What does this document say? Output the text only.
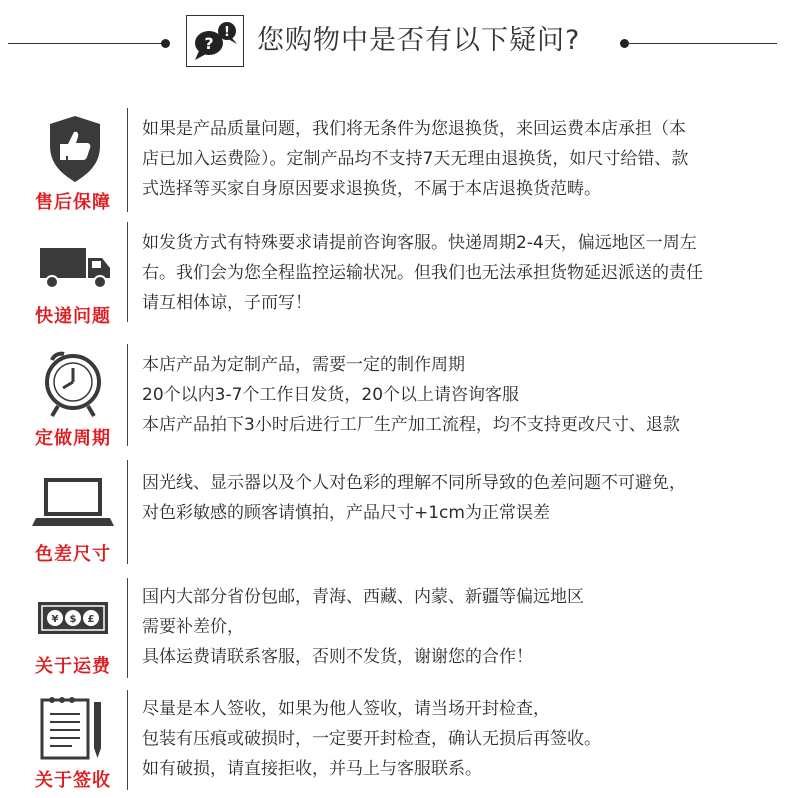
?
! 您购物中是否有以下疑问?
售后保障
如果是产品质量问题，我们将无条件为您退换货，来回运费本店承担（本
店已加入运费险）。定制产品均不支持7天无理由退换货，如尺寸给错、款
式选择等买家自身原因要求退换货，不属于本店退换货范畴。
快递问题
如发货方式有特殊要求请提前咨询客服。快递周期2-4天，偏远地区一周左
右。我们会为您全程监控运输状况。但我们也无法承担货物延迟派送的责任
请互相体谅，子而写！
定做周期
本店产品为定制产品，需要一定的制作周期
20个以内3-7个工作日发货，20个以上请咨询客服
本店产品拍下3小时后进行工厂生产加工流程，均不支持更改尺寸、退款
色差尺寸
因光线、显示器以及个人对色彩的理解不同所导致的色差问题不可避免，
对色彩敏感的顾客请慎拍，产品尺寸+1cm为正常误差
¥ $ £
关于运费
国内大部分省份包邮，青海、西藏、内蒙、新疆等偏远地区
需要补差价，
具体运费请联系客服，否则不发货，谢谢您的合作！
关于签收
尽量是本人签收，如果为他人签收，请当场开封检查，
包装有压痕或破损时，一定要开封检查，确认无损后再签收。
如有破损，请直接拒收，并马上与客服联系。
